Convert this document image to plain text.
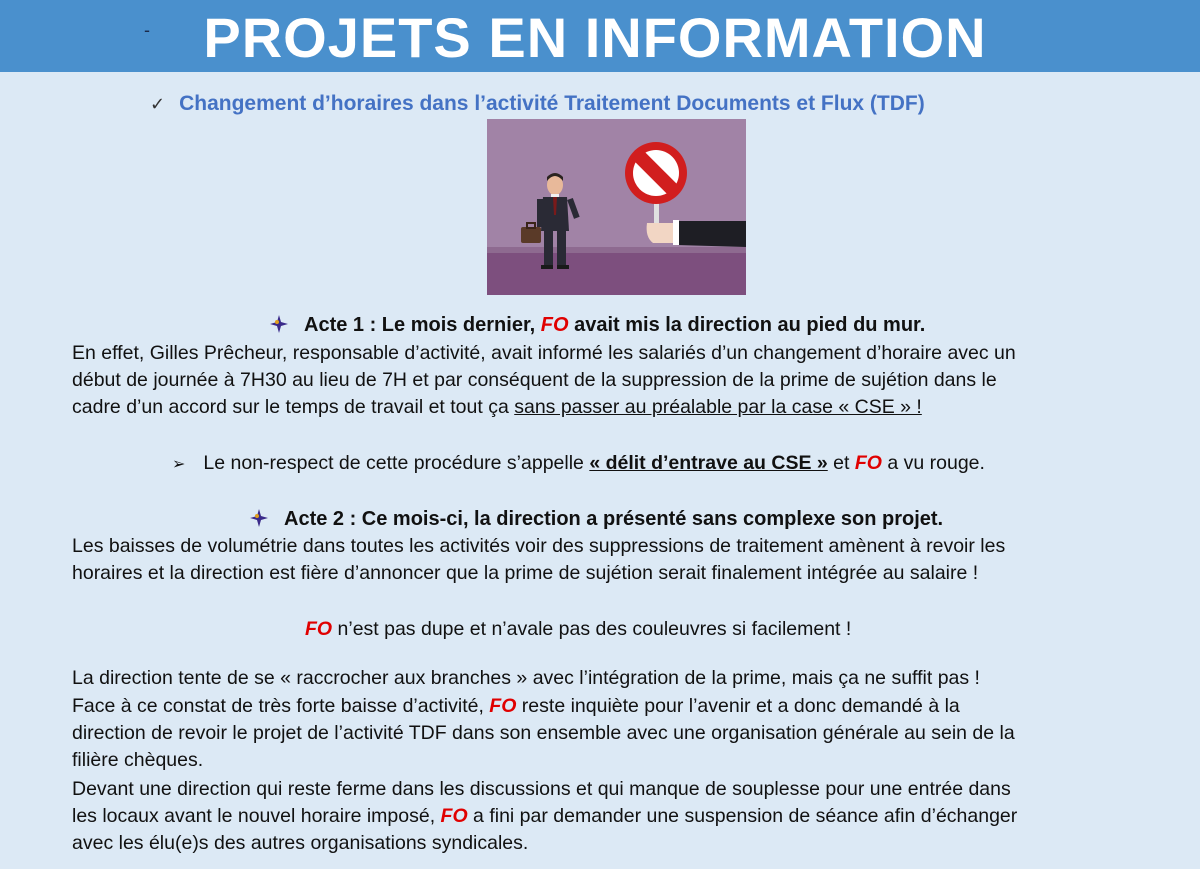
- PROJETS EN INFORMATION
✓ Changement d’horaires dans l’activité Traitement Documents et Flux (TDF)
Acte 1 : Le mois dernier, FO avait mis la direction au pied du mur.
En effet, Gilles Prêcheur, responsable d’activité, avait informé les salariés d’un changement d’horaire avec un
début de journée à 7H30 au lieu de 7H et par conséquent de la suppression de la prime de sujétion dans le
cadre d’un accord sur le temps de travail et tout ça sans passer au préalable par la case « CSE » !
➢ Le non-respect de cette procédure s’appelle « délit d’entrave au CSE » et FO a vu rouge.
Acte 2 : Ce mois-ci, la direction a présenté sans complexe son projet.
Les baisses de volumétrie dans toutes les activités voir des suppressions de traitement amènent à revoir les
horaires et la direction est fière d’annoncer que la prime de sujétion serait finalement intégrée au salaire !
FO n’est pas dupe et n’avale pas des couleuvres si facilement !
La direction tente de se « raccrocher aux branches » avec l’intégration de la prime, mais ça ne suffit pas !
Face à ce constat de très forte baisse d’activité, FO reste inquiète pour l’avenir et a donc demandé à la
direction de revoir le projet de l’activité TDF dans son ensemble avec une organisation générale au sein de la
filière chèques.
Devant une direction qui reste ferme dans les discussions et qui manque de souplesse pour une entrée dans
les locaux avant le nouvel horaire imposé, FO a fini par demander une suspension de séance afin d’échanger
avec les élu(e)s des autres organisations syndicales.
